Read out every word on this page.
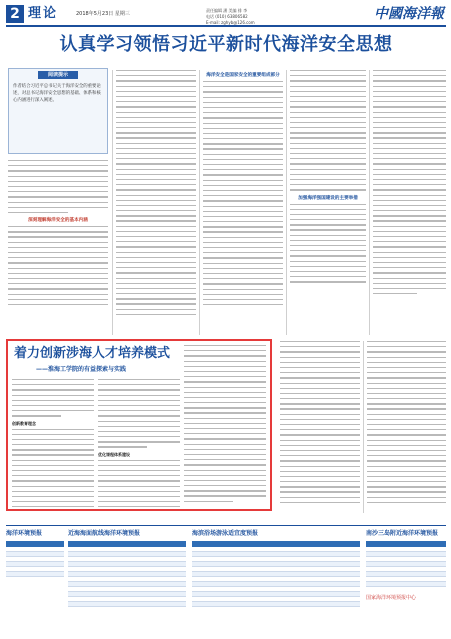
2 理论	2018年5月23日 星期三
责任编辑 潘 美编 排 李
电话 (010) 63806582
E-mail: zghyb@126.com
中國海洋報
认真学习领悟习近平新时代海洋安全思想
阅读提示
作者结合习近平总书记关于海洋安全的重要论述，对总书记海洋安全思想的基础、体系和核心内涵进行深入阐述。
深刻理解海洋安全的基本内涵
海洋安全是国家安全的重要组成部分
加强海洋强国建设的主要举措
着力创新涉海人才培养模式
——淮海工学院的有益探索与实践
创新教育理念
优化课程体系建设
海洋环境预报	近海海面航线海洋环境预报	海滨浴场游泳适宜度预报	南沙三岛附近海洋环境预报
国家海洋环境预报中心
